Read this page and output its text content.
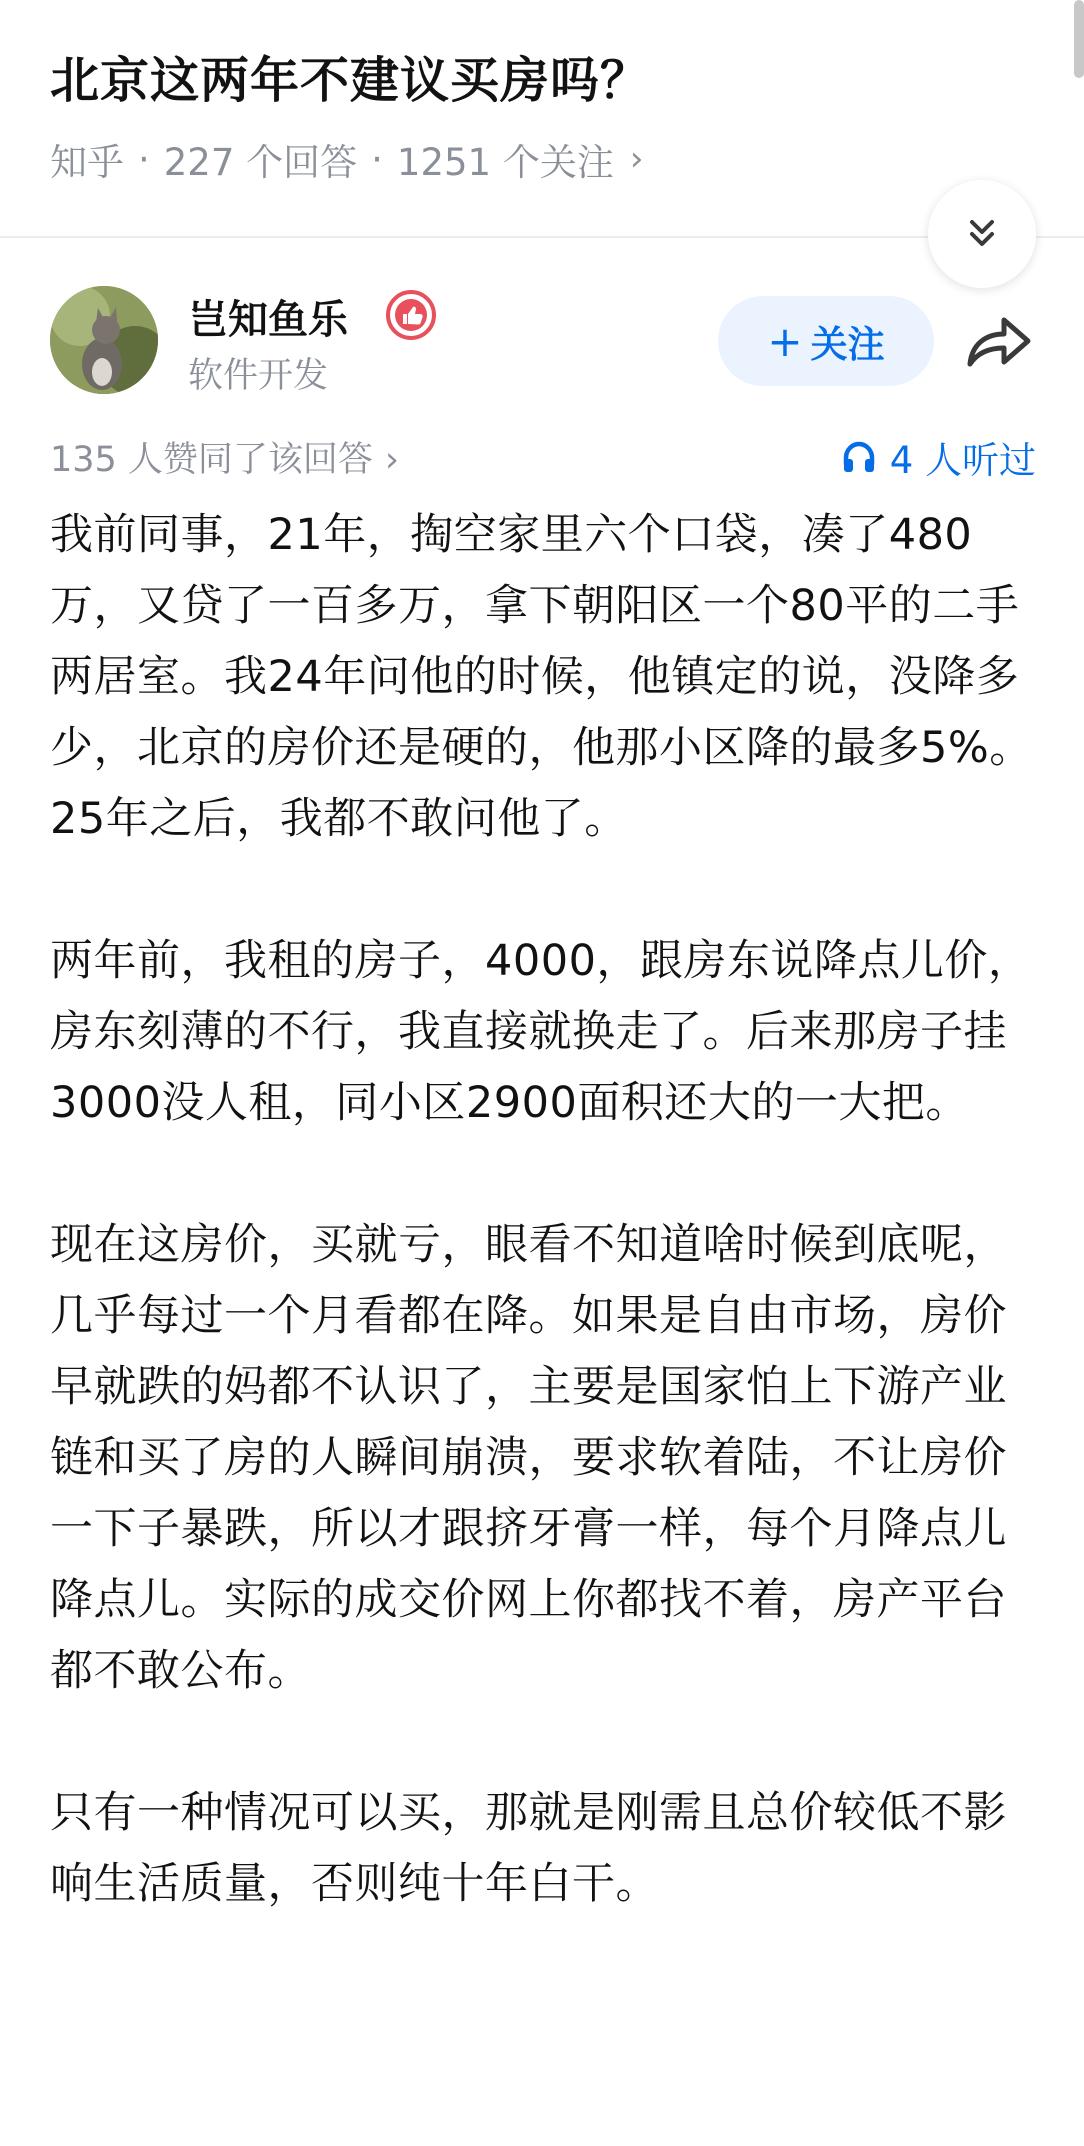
北京这两年不建议买房吗？
知乎 · 227 个回答 · 1251 个关注 ›
岂知鱼乐
软件开发
+ 关注
135 人赞同了该回答 ›	4 人听过

我前同事，21年，掏空家里六个口袋，凑了480万，又贷了一百多万，拿下朝阳区一个80平的二手两居室。我24年问他的时候，他镇定的说，没降多少，北京的房价还是硬的，他那小区降的最多5%。25年之后，我都不敢问他了。

两年前，我租的房子，4000，跟房东说降点儿价，房东刻薄的不行，我直接就换走了。后来那房子挂3000没人租，同小区2900面积还大的一大把。

现在这房价，买就亏，眼看不知道啥时候到底呢，几乎每过一个月看都在降。如果是自由市场，房价早就跌的妈都不认识了，主要是国家怕上下游产业链和买了房的人瞬间崩溃，要求软着陆，不让房价一下子暴跌，所以才跟挤牙膏一样，每个月降点儿降点儿。实际的成交价网上你都找不着，房产平台都不敢公布。

只有一种情况可以买，那就是刚需且总价较低不影响生活质量，否则纯十年白干。
